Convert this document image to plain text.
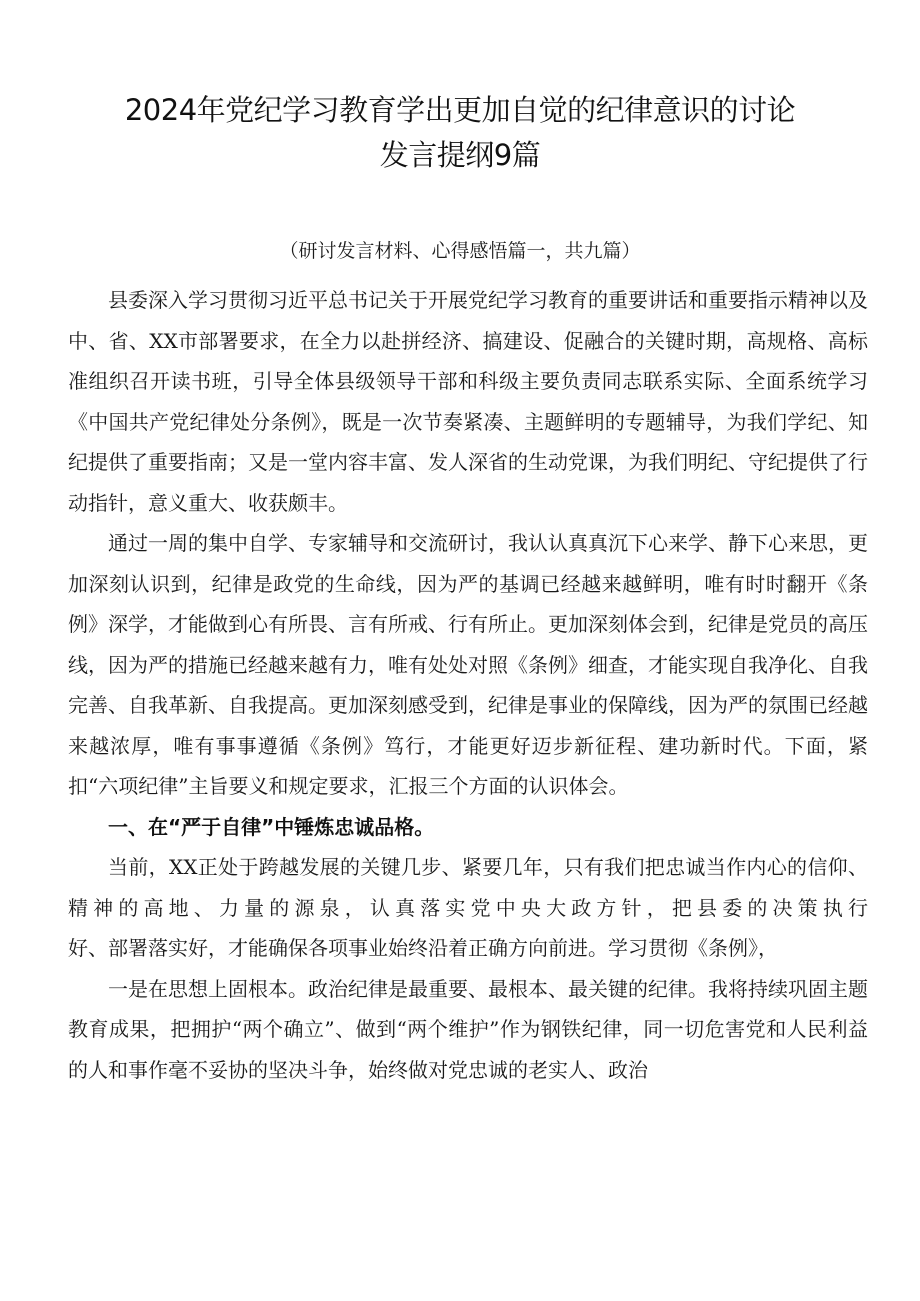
2024年党纪学习教育学出更加自觉的纪律意识的讨论
发言提纲9篇

（研讨发言材料、心得感悟篇一，共九篇）

县委深入学习贯彻习近平总书记关于开展党纪学习教育的重要讲话和重要指示精神以及中、省、XX市部署要求，在全力以赴拼经济、搞建设、促融合的关键时期，高规格、高标准组织召开读书班，引导全体县级领导干部和科级主要负责同志联系实际、全面系统学习《中国共产党纪律处分条例》，既是一次节奏紧凑、主题鲜明的专题辅导，为我们学纪、知纪提供了重要指南；又是一堂内容丰富、发人深省的生动党课，为我们明纪、守纪提供了行动指针，意义重大、收获颇丰。

通过一周的集中自学、专家辅导和交流研讨，我认认真真沉下心来学、静下心来思，更加深刻认识到，纪律是政党的生命线，因为严的基调已经越来越鲜明，唯有时时翻开《条例》深学，才能做到心有所畏、言有所戒、行有所止。更加深刻体会到，纪律是党员的高压线，因为严的措施已经越来越有力，唯有处处对照《条例》细查，才能实现自我净化、自我完善、自我革新、自我提高。更加深刻感受到，纪律是事业的保障线，因为严的氛围已经越来越浓厚，唯有事事遵循《条例》笃行，才能更好迈步新征程、建功新时代。下面，紧扣“六项纪律”主旨要义和规定要求，汇报三个方面的认识体会。

一、在“严于自律”中锤炼忠诚品格。

当前，XX正处于跨越发展的关键几步、紧要几年，只有我们把忠诚当作内心的信仰、精神的高地、力量的源泉，认真落实党中央大政方针，把县委的决策执行

好、部署落实好，才能确保各项事业始终沿着正确方向前进。学习贯彻《条例》，

一是在思想上固根本。政治纪律是最重要、最根本、最关键的纪律。我将持续巩固主题教育成果，把拥护“两个确立”、做到“两个维护”作为钢铁纪律，同一切危害党和人民利益的人和事作毫不妥协的坚决斗争，始终做对党忠诚的老实人、政治
